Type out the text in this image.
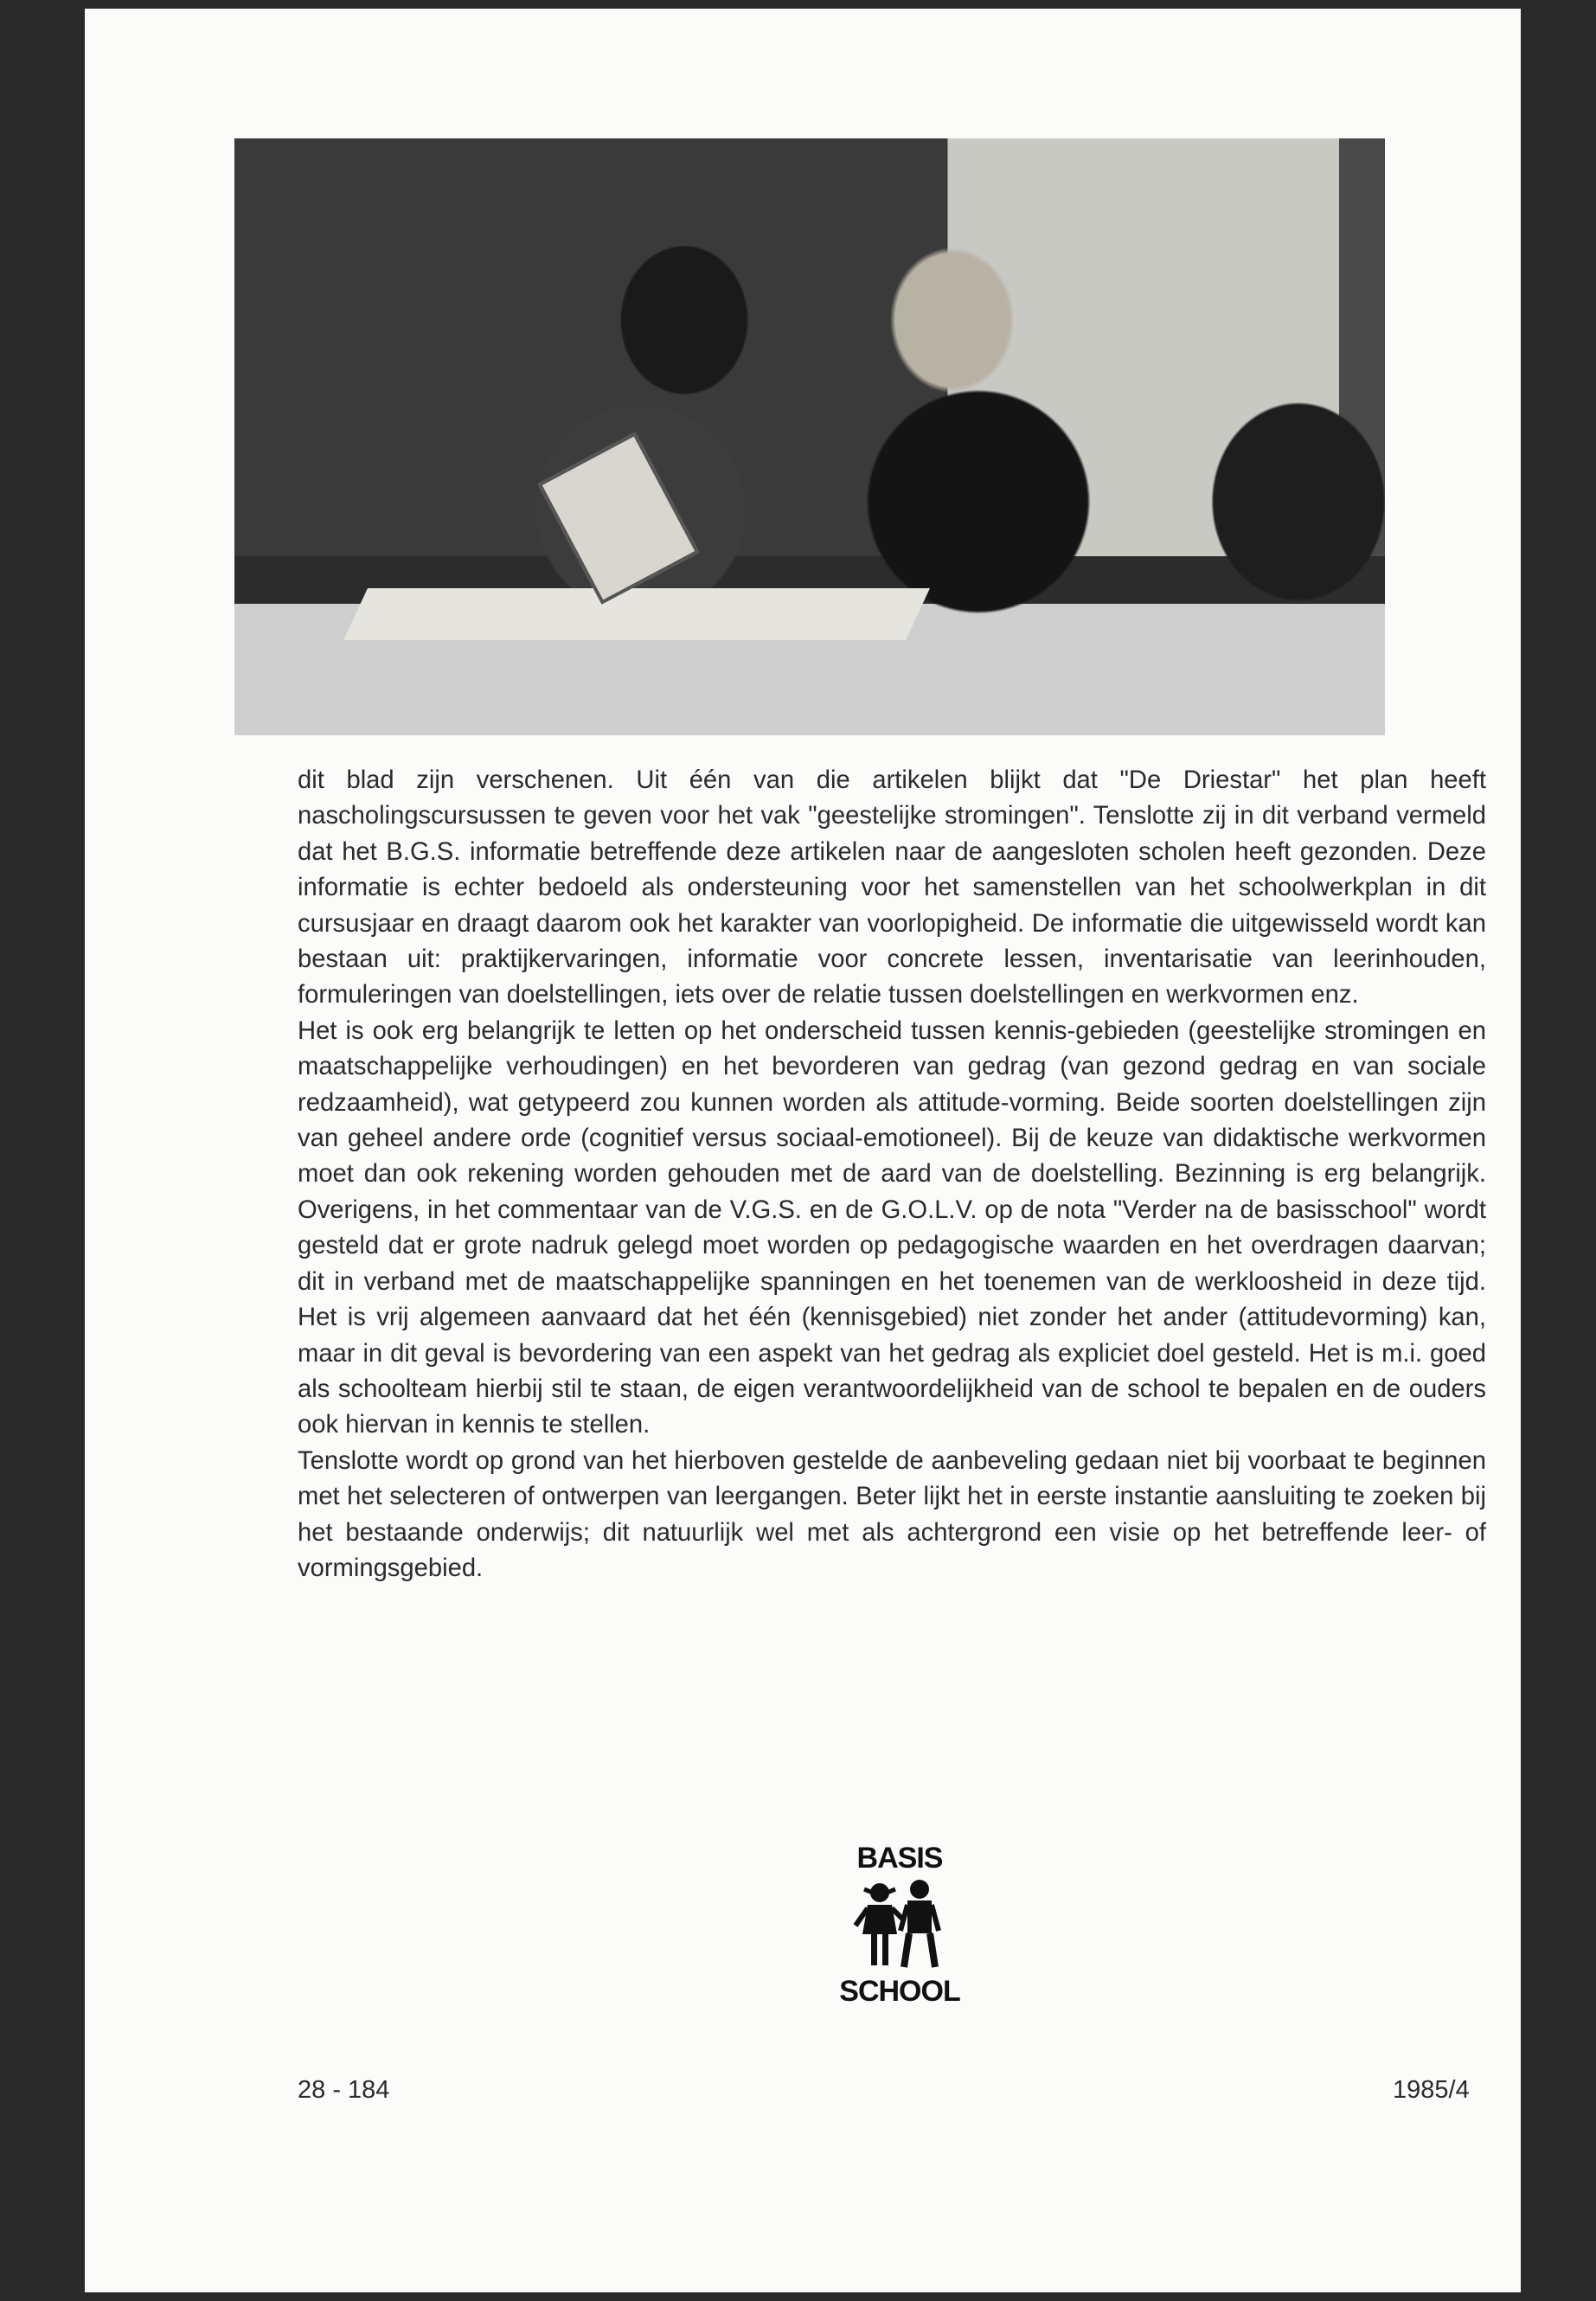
dit blad zijn verschenen. Uit één van die artikelen blijkt dat "De Driestar" het plan heeft nascholingscursussen te geven voor het vak "geestelijke stromingen". Tenslotte zij in dit verband vermeld dat het B.G.S. informatie betreffende deze artikelen naar de aangesloten scholen heeft gezonden. Deze informatie is echter bedoeld als ondersteuning voor het samenstellen van het schoolwerkplan in dit cursusjaar en draagt daarom ook het karakter van voorlopigheid. De informatie die uitgewisseld wordt kan bestaan uit: praktijkervaringen, informatie voor concrete lessen, inventarisatie van leerinhouden, formuleringen van doelstellingen, iets over de relatie tussen doelstellingen en werkvormen enz.

Het is ook erg belangrijk te letten op het onderscheid tussen kennis-gebieden (geestelijke stromingen en maatschappelijke verhoudingen) en het bevorderen van gedrag (van gezond gedrag en van sociale redzaamheid), wat getypeerd zou kunnen worden als attitude-vorming. Beide soorten doelstellingen zijn van geheel andere orde (cognitief versus sociaal-emotioneel). Bij de keuze van didaktische werkvormen moet dan ook rekening worden gehouden met de aard van de doelstelling. Bezinning is erg belangrijk. Overigens, in het commentaar van de V.G.S. en de G.O.L.V. op de nota "Verder na de basisschool" wordt gesteld dat er grote nadruk gelegd moet worden op pedagogische waarden en het overdragen daarvan; dit in verband met de maatschappelijke spanningen en het toenemen van de werkloosheid in deze tijd. Het is vrij algemeen aanvaard dat het één (kennisgebied) niet zonder het ander (attitudevorming) kan, maar in dit geval is bevordering van een aspekt van het gedrag als expliciet doel gesteld. Het is m.i. goed als schoolteam hierbij stil te staan, de eigen verantwoordelijkheid van de school te bepalen en de ouders ook hiervan in kennis te stellen.

Tenslotte wordt op grond van het hierboven gestelde de aanbeveling gedaan niet bij voorbaat te beginnen met het selecteren of ontwerpen van leergangen. Beter lijkt het in eerste instantie aansluiting te zoeken bij het bestaande onderwijs; dit natuurlijk wel met als achtergrond een visie op het betreffende leer- of vormingsgebied.

BASIS
SCHOOL
28 - 184	1985/4
